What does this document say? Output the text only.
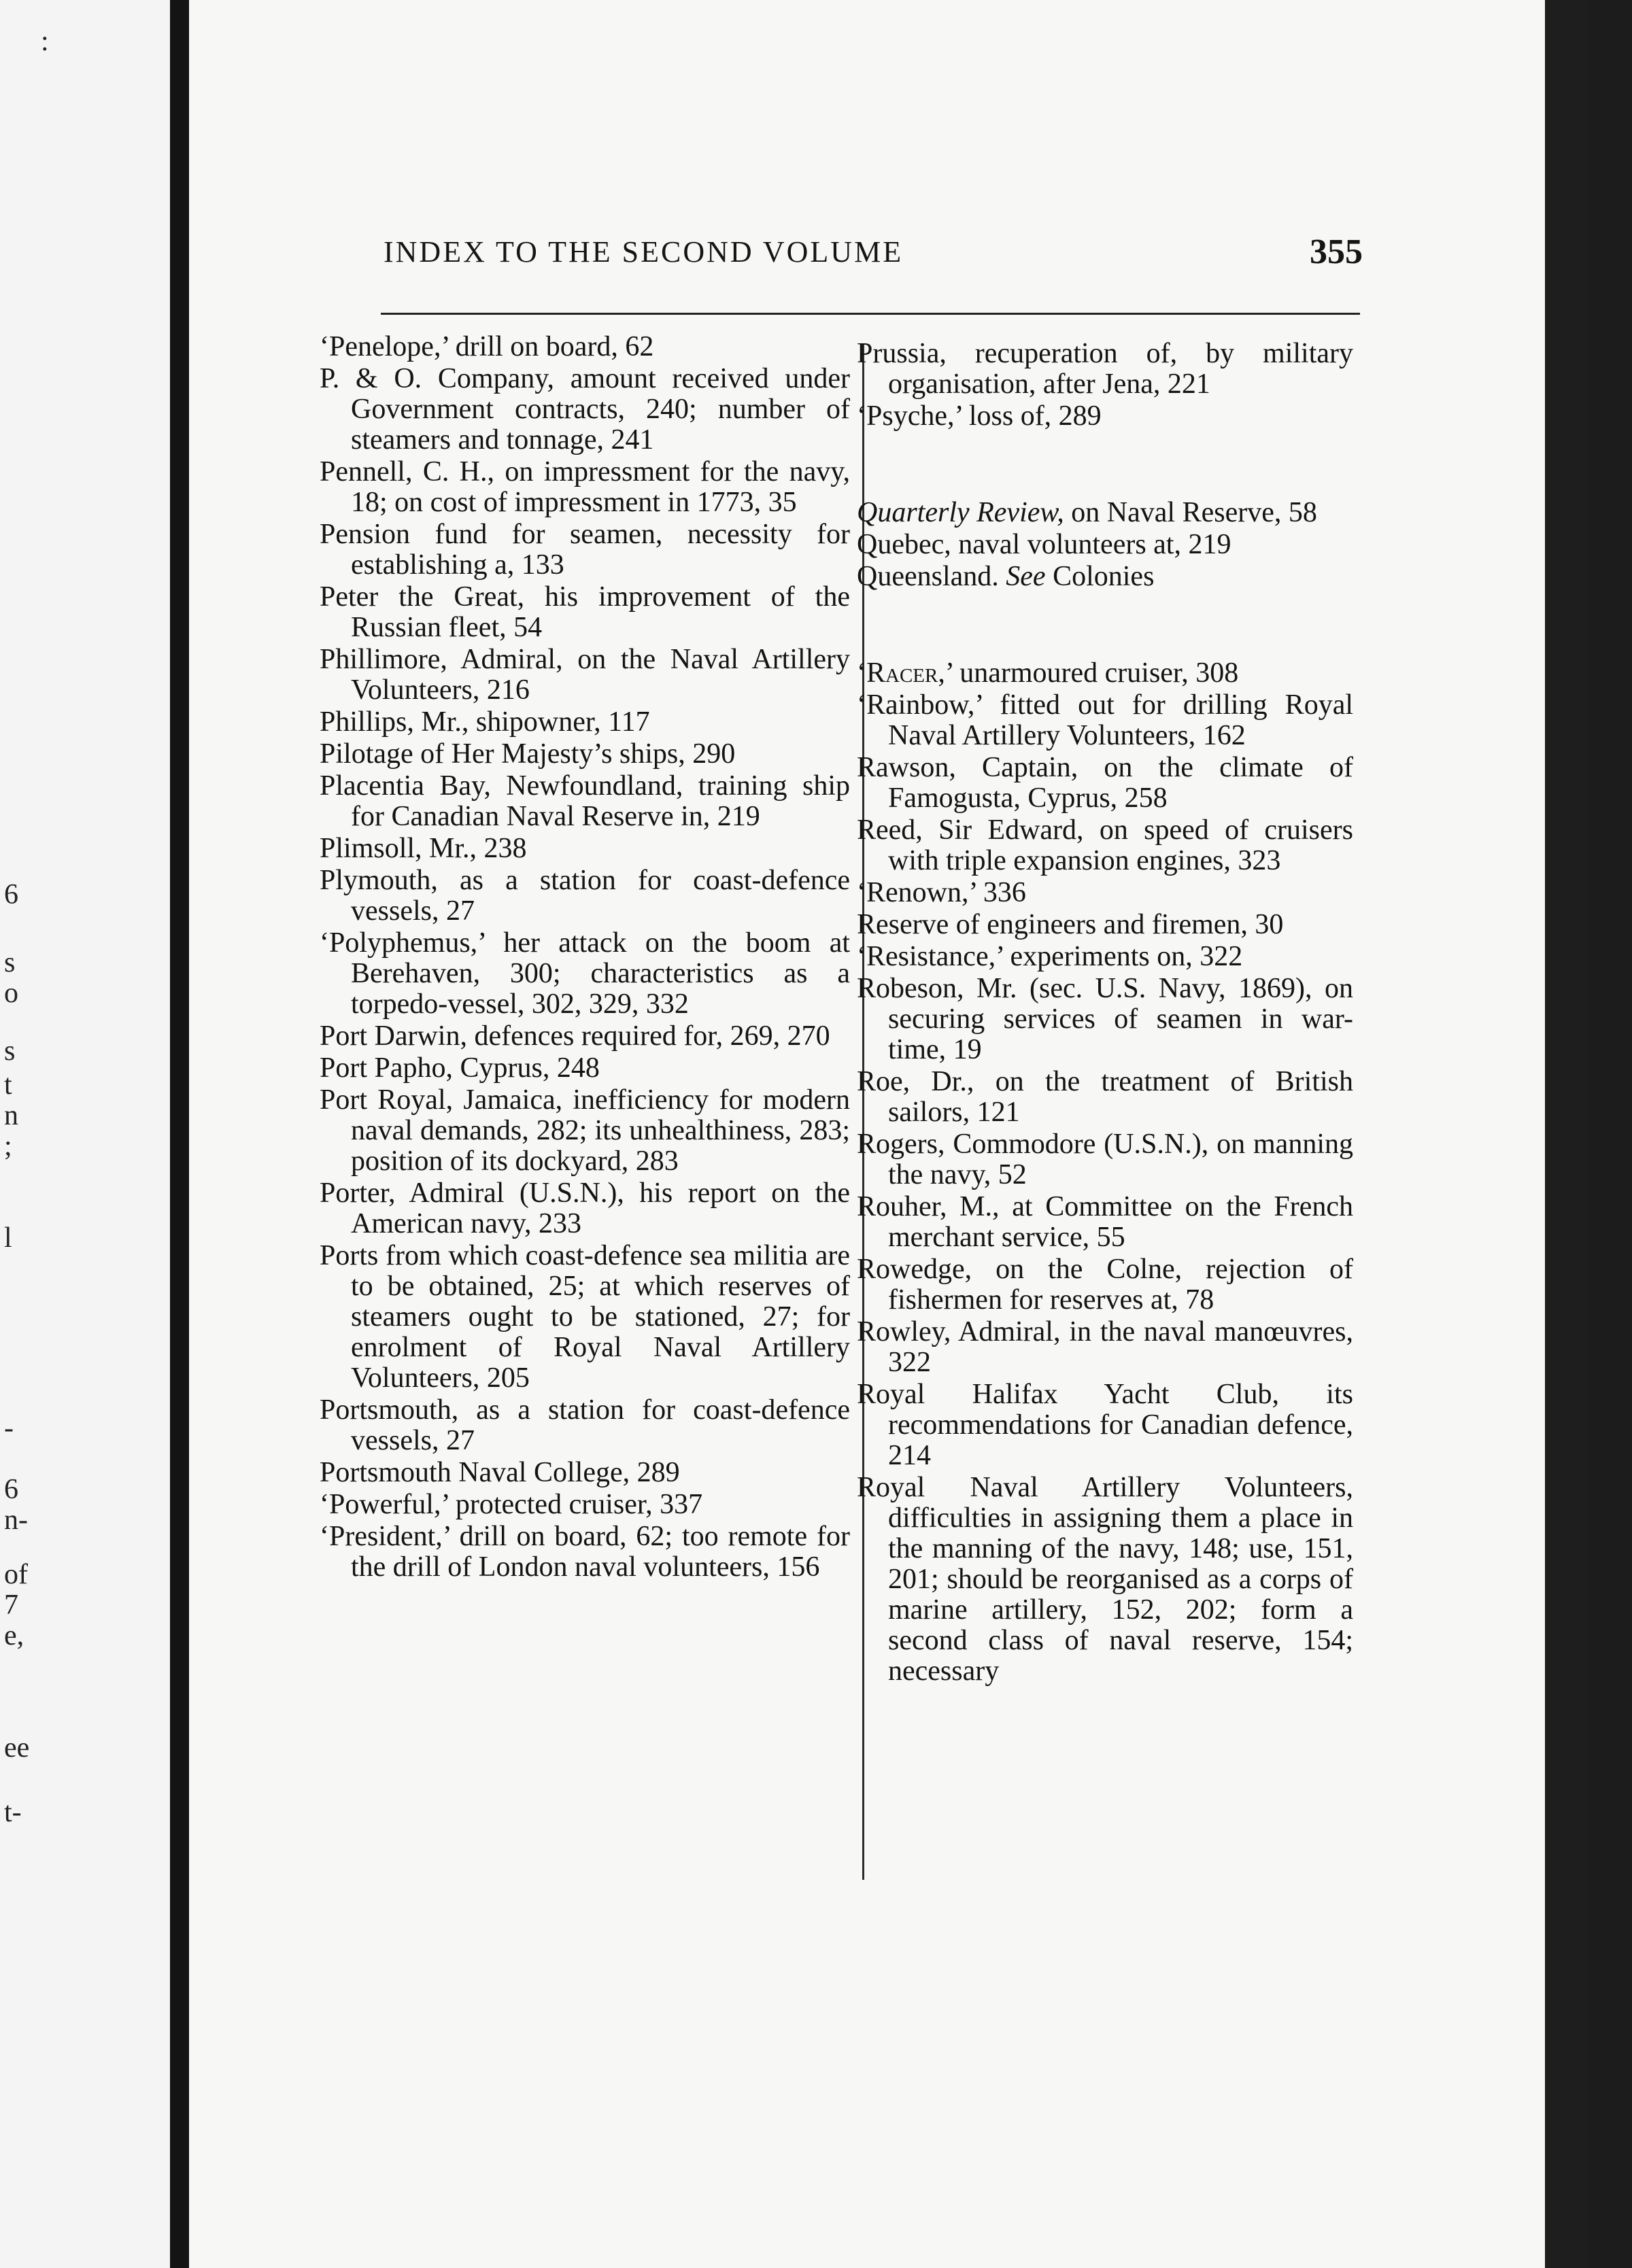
:
6
s
o
s
t
n
;
l
-
6
n-
of
7
e,
ee
t-
INDEX TO THE SECOND VOLUME	355

‘Penelope,’ drill on board, 62

P. & O. Company, amount received under Government contracts, 240; number of steamers and tonnage, 241

Pennell, C. H., on impressment for the navy, 18; on cost of impressment in 1773, 35

Pension fund for seamen, necessity for establishing a, 133

Peter the Great, his improvement of the Russian fleet, 54

Phillimore, Admiral, on the Naval Artillery Volunteers, 216

Phillips, Mr., shipowner, 117

Pilotage of Her Majesty’s ships, 290

Placentia Bay, Newfoundland, training ship for Canadian Naval Reserve in, 219

Plimsoll, Mr., 238

Plymouth, as a station for coast-defence vessels, 27

‘Polyphemus,’ her attack on the boom at Berehaven, 300; characteristics as a torpedo-vessel, 302, 329, 332

Port Darwin, defences required for, 269, 270

Port Papho, Cyprus, 248

Port Royal, Jamaica, inefficiency for modern naval demands, 282; its unhealthiness, 283; position of its dockyard, 283

Porter, Admiral (U.S.N.), his report on the American navy, 233

Ports from which coast-defence sea militia are to be obtained, 25; at which reserves of steamers ought to be stationed, 27; for enrolment of Royal Naval Artillery Volunteers, 205

Portsmouth, as a station for coast-defence vessels, 27

Portsmouth Naval College, 289

‘Powerful,’ protected cruiser, 337

‘President,’ drill on board, 62; too remote for the drill of London naval volunteers, 156

Prussia, recuperation of, by military organisation, after Jena, 221

‘Psyche,’ loss of, 289

Quarterly Review, on Naval Reserve, 58

Quebec, naval volunteers at, 219

Queensland. See Colonies

‘Racer,’ unarmoured cruiser, 308

‘Rainbow,’ fitted out for drilling Royal Naval Artillery Volunteers, 162

Rawson, Captain, on the climate of Famogusta, Cyprus, 258

Reed, Sir Edward, on speed of cruisers with triple expansion engines, 323

‘Renown,’ 336

Reserve of engineers and firemen, 30

‘Resistance,’ experiments on, 322

Robeson, Mr. (sec. U.S. Navy, 1869), on securing services of seamen in war-time, 19

Roe, Dr., on the treatment of British sailors, 121

Rogers, Commodore (U.S.N.), on manning the navy, 52

Rouher, M., at Committee on the French merchant service, 55

Rowedge, on the Colne, rejection of fishermen for reserves at, 78

Rowley, Admiral, in the naval manœuvres, 322

Royal Halifax Yacht Club, its recommendations for Canadian defence, 214

Royal Naval Artillery Volunteers, difficulties in assigning them a place in the manning of the navy, 148; use, 151, 201; should be reorganised as a corps of marine artillery, 152, 202; form a second class of naval reserve, 154; necessary
